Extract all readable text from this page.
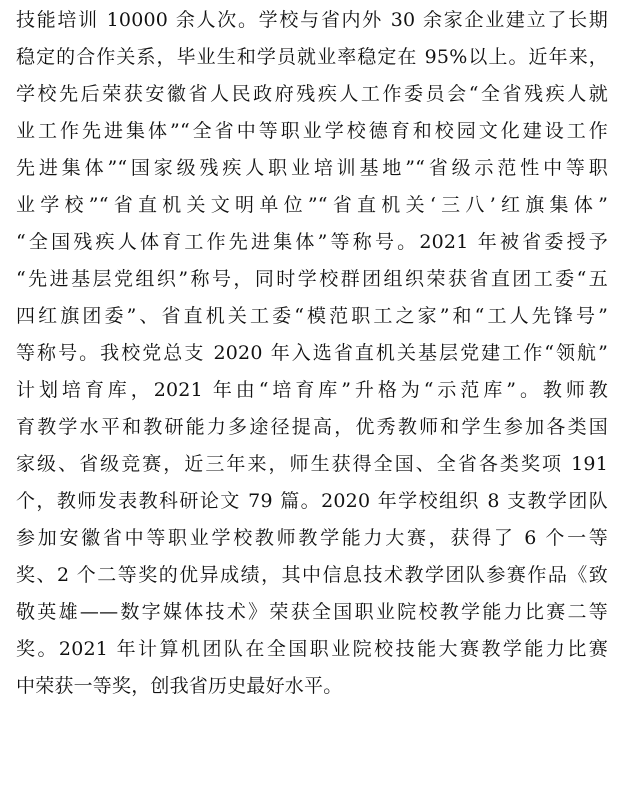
技能培训 10000 余人次。学校与省内外 30 余家企业建立了长期
稳定的合作关系，毕业生和学员就业率稳定在 95%以上。近年来，
学校先后荣获安徽省人民政府残疾人工作委员会“全省残疾人就
业工作先进集体”“全省中等职业学校德育和校园文化建设工作
先进集体”“国家级残疾人职业培训基地”“省级示范性中等职
业学校”“省直机关文明单位”“省直机关‘三八’红旗集体”
“全国残疾人体育工作先进集体”等称号。2021 年被省委授予
“先进基层党组织”称号，同时学校群团组织荣获省直团工委“五
四红旗团委”、省直机关工委“模范职工之家”和“工人先锋号”
等称号。我校党总支 2020 年入选省直机关基层党建工作“领航”
计划培育库，2021 年由“培育库”升格为“示范库”。教师教
育教学水平和教研能力多途径提高，优秀教师和学生参加各类国
家级、省级竞赛，近三年来，师生获得全国、全省各类奖项 191
个，教师发表教科研论文 79 篇。2020 年学校组织 8 支教学团队
参加安徽省中等职业学校教师教学能力大赛，获得了 6 个一等
奖、2 个二等奖的优异成绩，其中信息技术教学团队参赛作品《致
敬英雄——数字媒体技术》荣获全国职业院校教学能力比赛二等
奖。2021 年计算机团队在全国职业院校技能大赛教学能力比赛
中荣获一等奖，创我省历史最好水平。
